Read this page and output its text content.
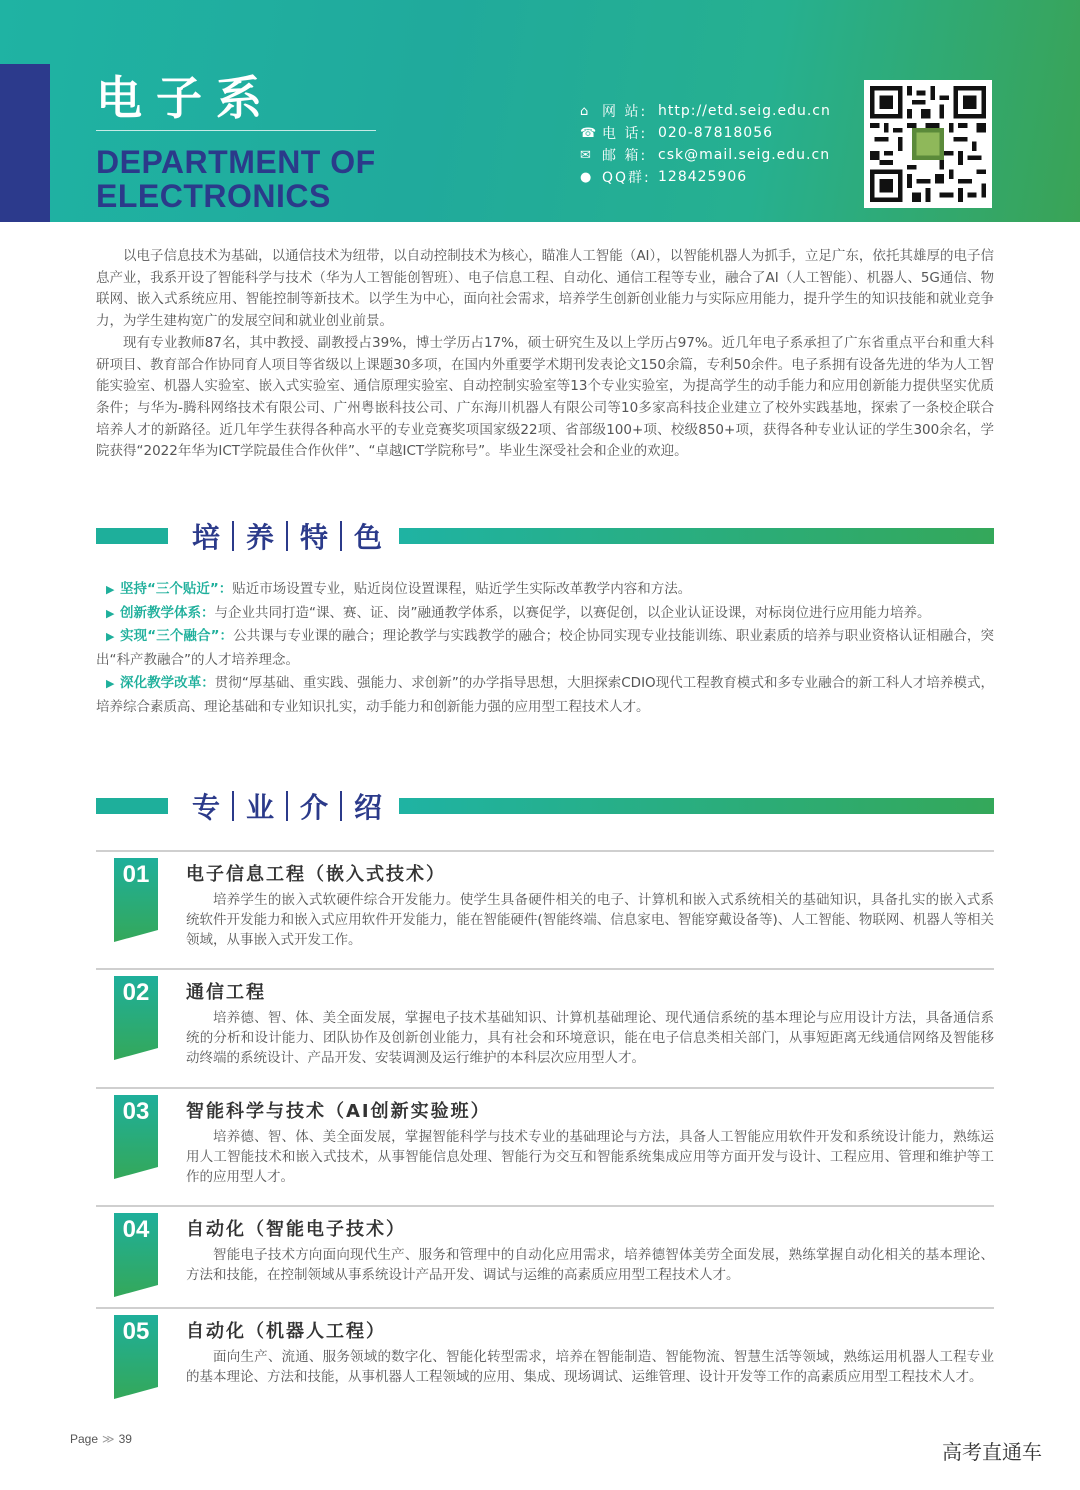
电子系
DEPARTMENT OF
ELECTRONICS
⌂ 网 站: http://etd.seig.edu.cn
☎ 电 话: 020-87818056
✉ 邮 箱: csk@mail.seig.edu.cn
● QQ群: 128425906

以电子信息技术为基础，以通信技术为纽带，以自动控制技术为核心，瞄准人工智能（AI），以智能机器人为抓手，立足广东，依托其雄厚的电子信息产业，我系开设了智能科学与技术（华为人工智能创智班）、电子信息工程、自动化、通信工程等专业，融合了AI（人工智能）、机器人、5G通信、物联网、嵌入式系统应用、智能控制等新技术。以学生为中心，面向社会需求，培养学生创新创业能力与实际应用能力，提升学生的知识技能和就业竞争力，为学生建构宽广的发展空间和就业创业前景。

现有专业教师87名，其中教授、副教授占39%，博士学历占17%，硕士研究生及以上学历占97%。近几年电子系承担了广东省重点平台和重大科研项目、教育部合作协同育人项目等省级以上课题30多项，在国内外重要学术期刊发表论文150余篇，专利50余件。电子系拥有设备先进的华为人工智能实验室、机器人实验室、嵌入式实验室、通信原理实验室、自动控制实验室等13个专业实验室，为提高学生的动手能力和应用创新能力提供坚实优质条件；与华为-腾科网络技术有限公司、广州粤嵌科技公司、广东海川机器人有限公司等10多家高科技企业建立了校外实践基地，探索了一条校企联合培养人才的新路径。近几年学生获得各种高水平的专业竞赛奖项国家级22项、省部级100+项、校级850+项，获得各种专业认证的学生300余名，学院获得“2022年华为ICT学院最佳合作伙伴”、“卓越ICT学院称号”。毕业生深受社会和企业的欢迎。

培 养 特 色
▶ 坚持“三个贴近”：贴近市场设置专业，贴近岗位设置课程，贴近学生实际改革教学内容和方法。
▶ 创新教学体系：与企业共同打造“课、赛、证、岗”融通教学体系，以赛促学，以赛促创，以企业认证设课，对标岗位进行应用能力培养。
▶ 实现“三个融合”：公共课与专业课的融合；理论教学与实践教学的融合；校企协同实现专业技能训练、职业素质的培养与职业资格认证相融合，突出“科产教融合”的人才培养理念。
▶ 深化教学改革：贯彻“厚基础、重实践、强能力、求创新”的办学指导思想，大胆探索CDIO现代工程教育模式和多专业融合的新工科人才培养模式，培养综合素质高、理论基础和专业知识扎实，动手能力和创新能力强的应用型工程技术人才。
专 业 介 绍
01	电子信息工程（嵌入式技术）
培养学生的嵌入式软硬件综合开发能力。使学生具备硬件相关的电子、计算机和嵌入式系统相关的基础知识，具备扎实的嵌入式系统软件开发能力和嵌入式应用软件开发能力，能在智能硬件(智能终端、信息家电、智能穿戴设备等)、人工智能、物联网、机器人等相关领域，从事嵌入式开发工作。
02	通信工程
培养德、智、体、美全面发展，掌握电子技术基础知识、计算机基础理论、现代通信系统的基本理论与应用设计方法，具备通信系统的分析和设计能力、团队协作及创新创业能力，具有社会和环境意识，能在电子信息类相关部门，从事短距离无线通信网络及智能移动终端的系统设计、产品开发、安装调测及运行维护的本科层次应用型人才。
03	智能科学与技术（AI创新实验班）
培养德、智、体、美全面发展，掌握智能科学与技术专业的基础理论与方法，具备人工智能应用软件开发和系统设计能力，熟练运用人工智能技术和嵌入式技术，从事智能信息处理、智能行为交互和智能系统集成应用等方面开发与设计、工程应用、管理和维护等工作的应用型人才。
04	自动化（智能电子技术）
智能电子技术方向面向现代生产、服务和管理中的自动化应用需求，培养德智体美劳全面发展，熟练掌握自动化相关的基本理论、方法和技能，在控制领域从事系统设计产品开发、调试与运维的高素质应用型工程技术人才。
05	自动化（机器人工程）
面向生产、流通、服务领域的数字化、智能化转型需求，培养在智能制造、智能物流、智慧生活等领域，熟练运用机器人工程专业的基本理论、方法和技能，从事机器人工程领域的应用、集成、现场调试、运维管理、设计开发等工作的高素质应用型工程技术人才。
Page ≫ 39
高考直通车
